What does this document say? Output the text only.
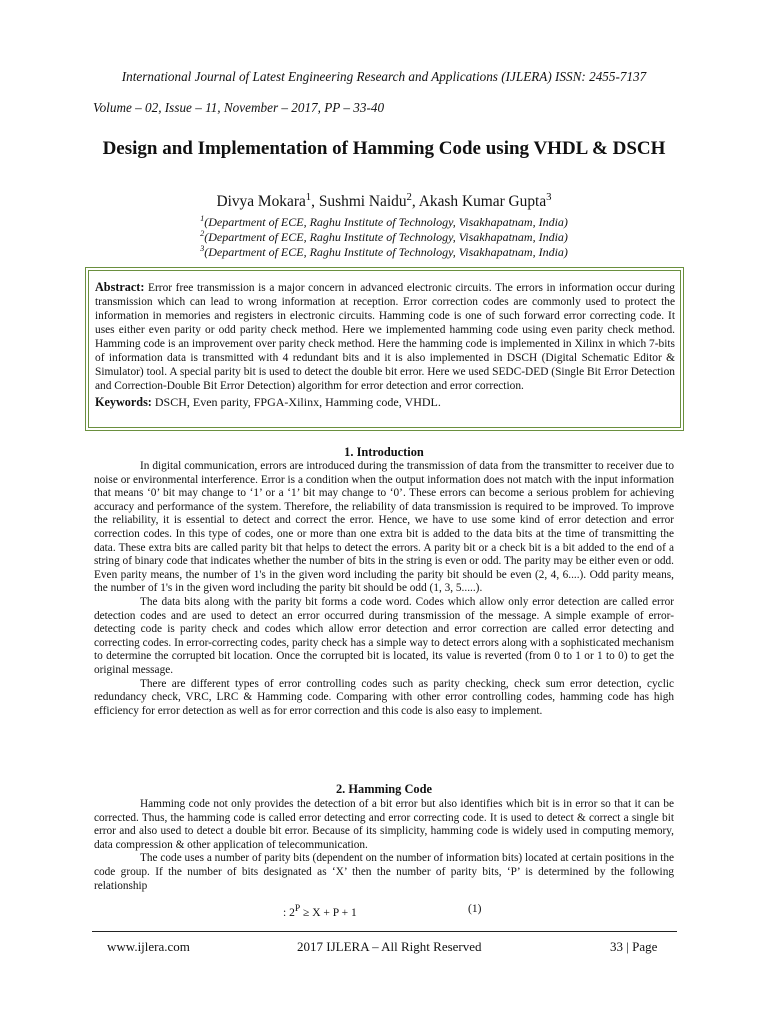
International Journal of Latest Engineering Research and Applications (IJLERA) ISSN: 2455-7137
Volume – 02, Issue – 11, November – 2017, PP – 33-40
Design and Implementation of Hamming Code using VHDL & DSCH
Divya Mokara$^1$, Sushmi Naidu$^2$, Akash Kumar Gupta$^3$
$^1$(Department of ECE, Raghu Institute of Technology, Visakhapatnam, India)
$^2$(Department of ECE, Raghu Institute of Technology, Visakhapatnam, India)
$^3$(Department of ECE, Raghu Institute of Technology, Visakhapatnam, India)
Abstract: Error free transmission is a major concern in advanced electronic circuits. The errors in information occur during transmission which can lead to wrong information at reception. Error correction codes are commonly used to protect the information in memories and registers in electronic circuits. Hamming code is one of such forward error correcting code. It uses either even parity or odd parity check method. Here we implemented hamming code using even parity check method. Hamming code is an improvement over parity check method. Here the hamming code is implemented in Xilinx in which 7-bits of information data is transmitted with 4 redundant bits and it is also implemented in DSCH (Digital Schematic Editor & Simulator) tool. A special parity bit is used to detect the double bit error. Here we used SEDC-DED (Single Bit Error Detection and Correction-Double Bit Error Detection) algorithm for error detection and error correction.
Keywords: DSCH, Even parity, FPGA-Xilinx, Hamming code, VHDL.
1. Introduction

In digital communication, errors are introduced during the transmission of data from the transmitter to receiver due to noise or environmental interference. Error is a condition when the output information does not match with the input information that means ‘0’ bit may change to ‘1’ or a ‘1’ bit may change to ‘0’. These errors can become a serious problem for achieving accuracy and performance of the system. Therefore, the reliability of data transmission is required to be improved. To improve the reliability, it is essential to detect and correct the error. Hence, we have to use some kind of error detection and error correction codes. In this type of codes, one or more than one extra bit is added to the data bits at the time of transmitting the data. These extra bits are called parity bit that helps to detect the errors. A parity bit or a check bit is a bit added to the end of a string of binary code that indicates whether the number of bits in the string is even or odd. The parity may be either even or odd. Even parity means, the number of 1's in the given word including the parity bit should be even (2, 4, 6....). Odd parity means, the number of 1's in the given word including the parity bit should be odd (1, 3, 5.....).

The data bits along with the parity bit forms a code word. Codes which allow only error detection are called error detection codes and are used to detect an error occurred during transmission of the message. A simple example of error-detecting code is parity check and codes which allow error detection and error correction are called error detecting and correcting codes. In error-correcting codes, parity check has a simple way to detect errors along with a sophisticated mechanism to determine the corrupted bit location. Once the corrupted bit is located, its value is reverted (from 0 to 1 or 1 to 0) to get the original message.

There are different types of error controlling codes such as parity checking, check sum error detection, cyclic redundancy check, VRC, LRC & Hamming code. Comparing with other error controlling codes, hamming code has high efficiency for error detection as well as for error correction and this code is also easy to implement.

2. Hamming Code

Hamming code not only provides the detection of a bit error but also identifies which bit is in error so that it can be corrected. Thus, the hamming code is called error detecting and error correcting code. It is used to detect & correct a single bit error and also used to detect a double bit error. Because of its simplicity, hamming code is widely used in computing memory, data compression & other application of telecommunication.

The code uses a number of parity bits (dependent on the number of information bits) located at certain positions in the code group. If the number of bits designated as ‘X’ then the number of parity bits, ‘P’ is determined by the following relationship

: $2^P \ge X + P + 1$	(1)
www.ijlera.com	2017 IJLERA – All Right Reserved	33 | Page
